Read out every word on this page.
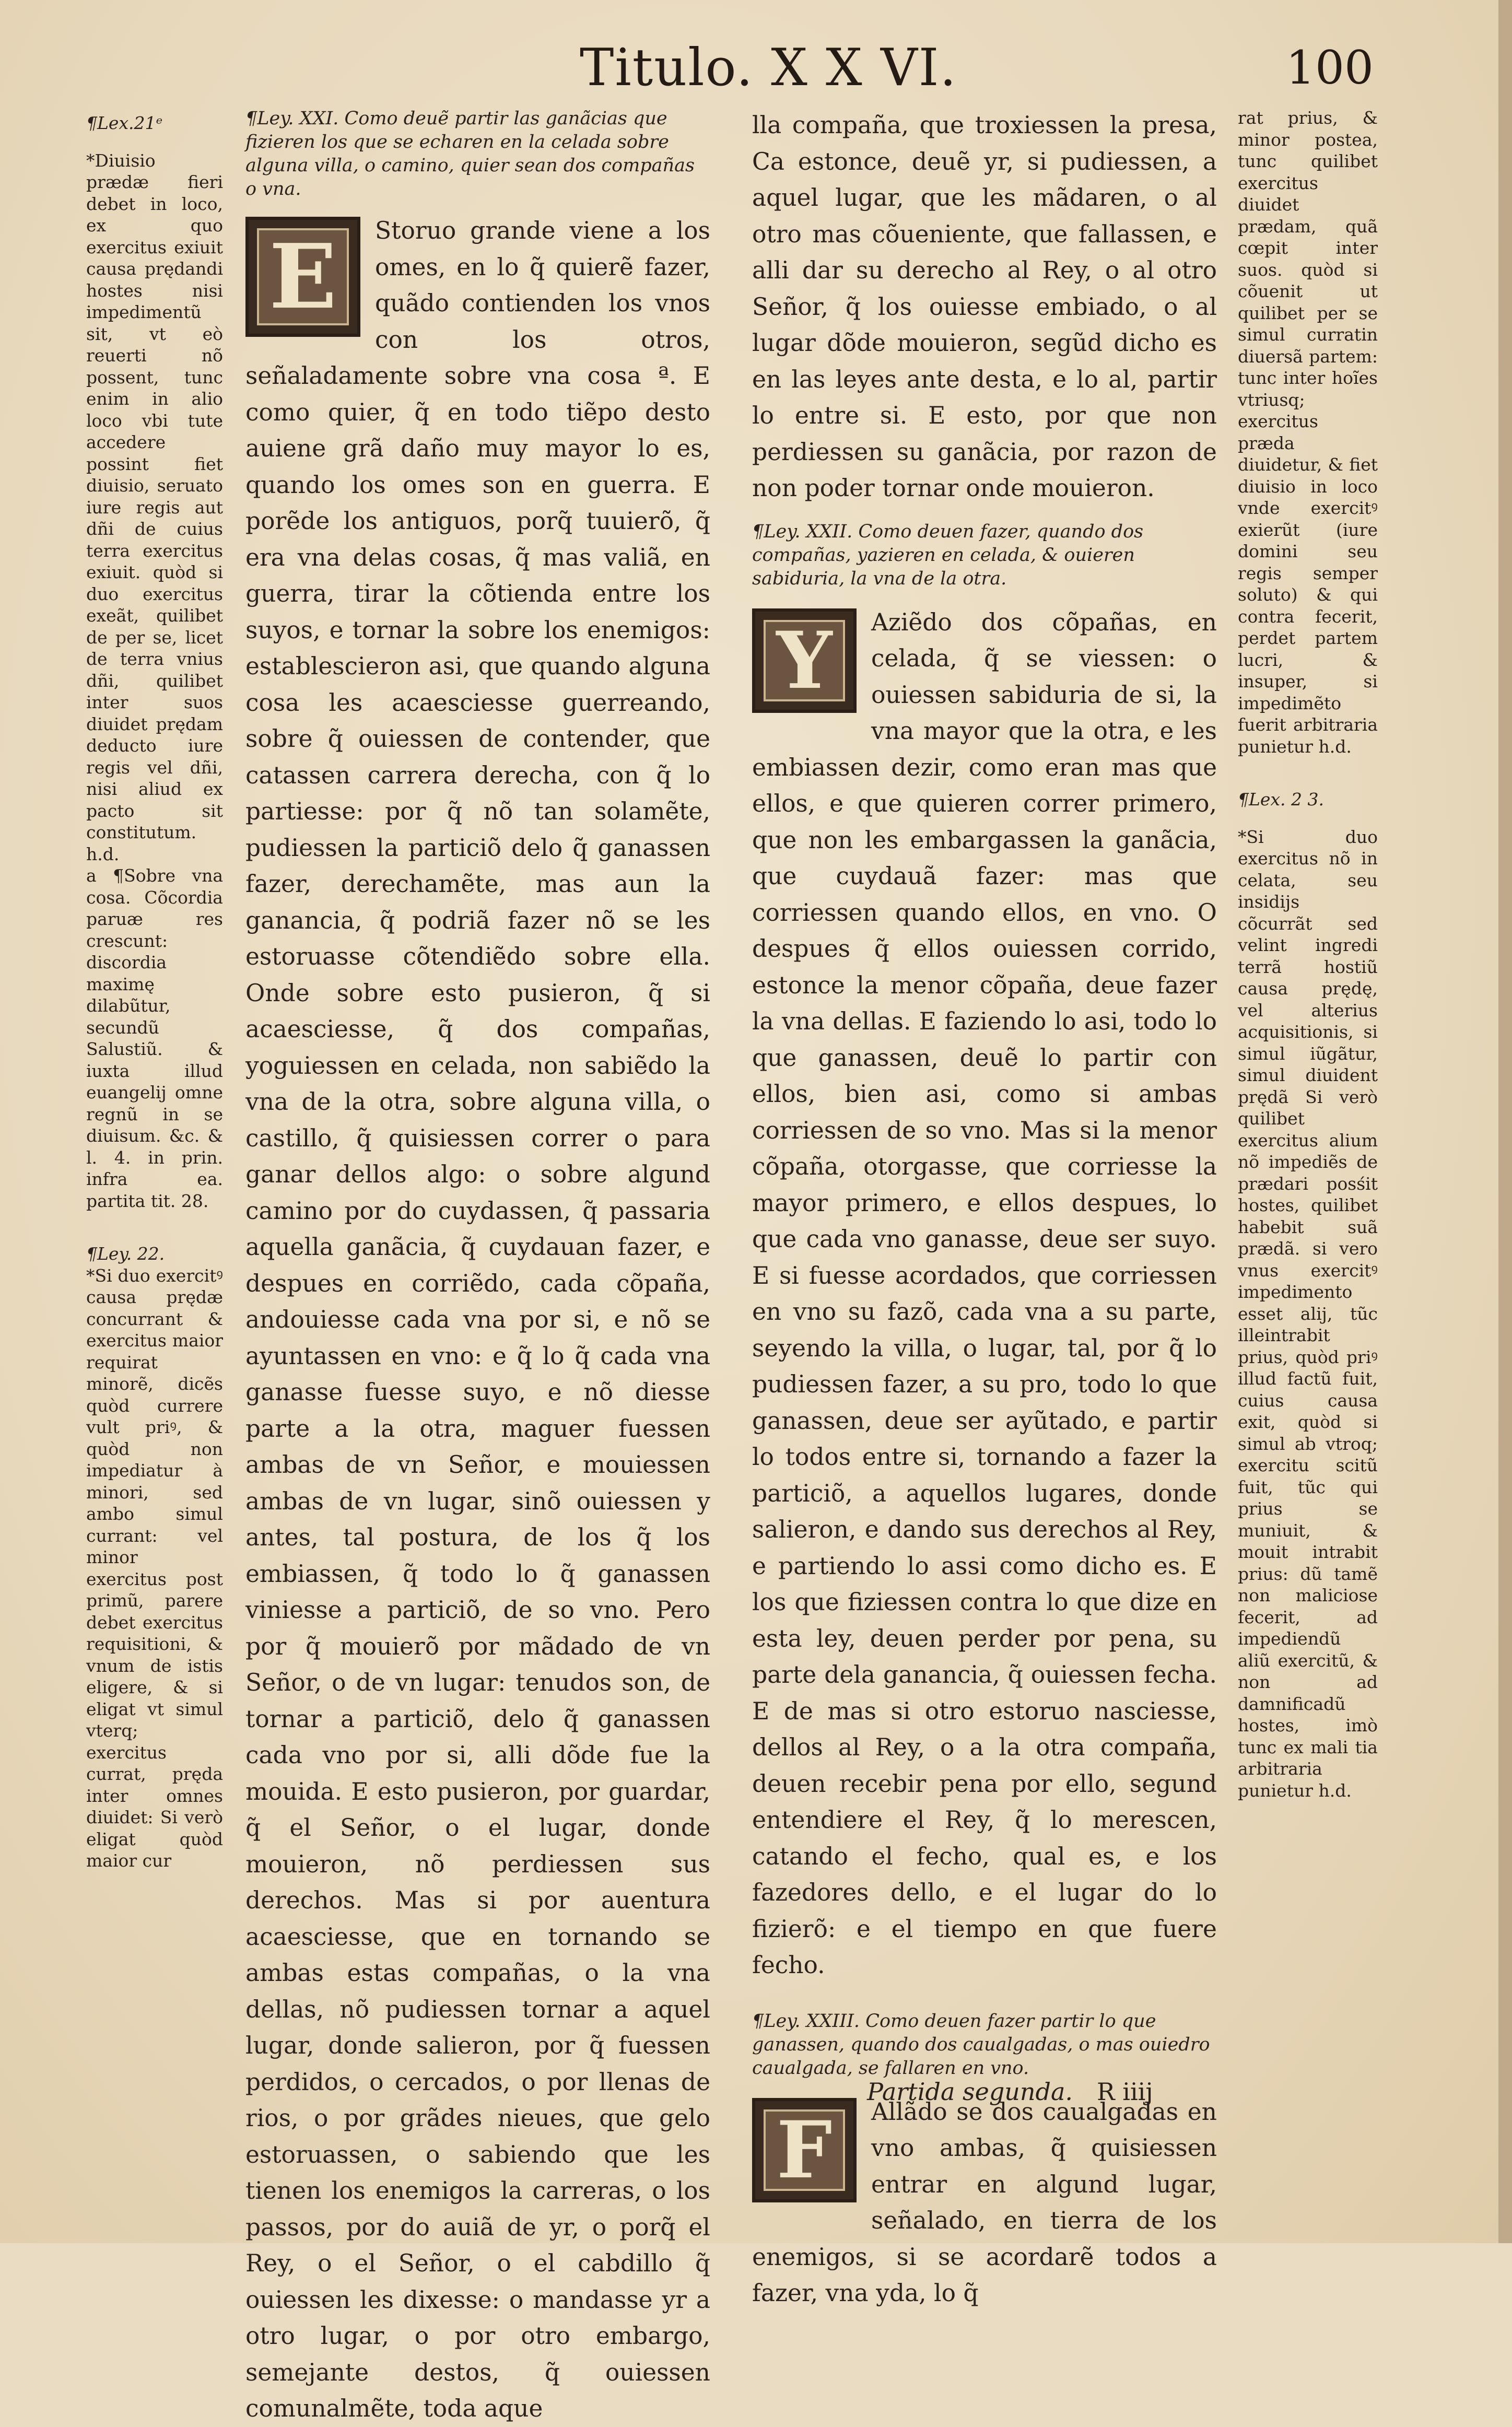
Titulo. X X VI.	100

¶Lex.21ᵉ

*Diuisio prædæ fieri debet in loco, ex quo exercitus exiuit causa prędandi hostes nisi impedimentũ sit, vt eò reuerti nõ possent, tunc enim in alio loco vbi tute accedere possint fiet diuisio, seruato iure regis aut dñi de cuius terra exercitus exiuit. quòd si duo exercitus exeãt, quilibet de per se, licet de terra vnius dñi, quilibet inter suos diuidet prędam deducto iure regis vel dñi, nisi aliud ex pacto sit constitutum. h.d.

a ¶Sobre vna cosa. Cõcordia paruæ res crescunt: discordia maximę dilabũtur, secundũ Salustiũ. & iuxta illud euangelij omne regnũ in se diuisum. &c. & l. 4. in prin. infra ea. partita tit. 28.

¶Ley. 22.

*Si duo exercitꝰ causa prędæ concurrant & exercitus maior requirat minorẽ, dicẽs quòd currere vult priꝰ, & quòd non impediatur à minori, sed ambo simul currant: vel minor exercitus post primũ, parere debet exercitus requisitioni, & vnum de istis eligere, & si eligat vt simul vterq; exercitus currat, pręda inter omnes diuidet: Si verò eligat quòd maior cur

¶Ley. XXI. Como deuẽ partir las ganãcias que fizieren los que se echaren en la celada sobre alguna villa, o camino, quier sean dos compañas o vna.

E Storuo grande viene a los omes, en lo q̃ quierẽ fazer, quãdo contienden los vnos con los otros, señaladamente sobre vna cosa ª. E como quier, q̃ en todo tiẽpo desto auiene grã daño muy mayor lo es, quando los omes son en guerra. E porẽde los antiguos, porq̃ tuuierõ, q̃ era vna delas cosas, q̃ mas valiã, en guerra, tirar la cõtienda entre los suyos, e tornar la sobre los enemigos: establescieron asi, que quando alguna cosa les acaesciesse guerreando, sobre q̃ ouiessen de contender, que catassen carrera derecha, con q̃ lo partiesse: por q̃ nõ tan solamẽte, pudiessen la particiõ delo q̃ ganassen fazer, derechamẽte, mas aun la ganancia, q̃ podriã fazer nõ se les estoruasse cõtendiẽdo sobre ella. Onde sobre esto pusieron, q̃ si acaesciesse, q̃ dos compañas, yoguiessen en celada, non sabiẽdo la vna de la otra, sobre alguna villa, o castillo, q̃ quisiessen correr o para ganar dellos algo: o sobre algund camino por do cuydassen, q̃ passaria aquella ganãcia, q̃ cuydauan fazer, e despues en corriẽdo, cada cõpaña, andouiesse cada vna por si, e nõ se ayuntassen en vno: e q̃ lo q̃ cada vna ganasse fuesse suyo, e nõ diesse parte a la otra, maguer fuessen ambas de vn Señor, e mouiessen ambas de vn lugar, sinõ ouiessen y antes, tal postura, de los q̃ los embiassen, q̃ todo lo q̃ ganassen viniesse a particiõ, de so vno. Pero por q̃ mouierõ por mãdado de vn Señor, o de vn lugar: tenudos son, de tornar a particiõ, delo q̃ ganassen cada vno por si, alli dõde fue la mouida. E esto pusieron, por guardar, q̃ el Señor, o el lugar, donde mouieron, nõ perdiessen sus derechos. Mas si por auentura acaesciesse, que en tornando se ambas estas compañas, o la vna dellas, nõ pudiessen tornar a aquel lugar, donde salieron, por q̃ fuessen perdidos, o cercados, o por llenas de rios, o por grãdes nieues, que gelo estoruassen, o sabiendo que les tienen los enemigos la carreras, o los passos, por do auiã de yr, o porq̃ el Rey, o el Señor, o el cabdillo q̃ ouiessen les dixesse: o mandasse yr a otro lugar, o por otro embargo, semejante destos, q̃ ouiessen comunalmẽte, toda aque

lla compaña, que troxiessen la presa, Ca estonce, deuẽ yr, si pudiessen, a aquel lugar, que les mãdaren, o al otro mas cõueniente, que fallassen, e alli dar su derecho al Rey, o al otro Señor, q̃ los ouiesse embiado, o al lugar dõde mouieron, segũd dicho es en las leyes ante desta, e lo al, partir lo entre si. E esto, por que non perdiessen su ganãcia, por razon de non poder tornar onde mouieron.

¶Ley. XXII. Como deuen fazer, quando dos compañas, yazieren en celada, & ouieren sabiduria, la vna de la otra.

Y Aziẽdo dos cõpañas, en celada, q̃ se viessen: o ouiessen sabiduria de si, la vna mayor que la otra, e les embiassen dezir, como eran mas que ellos, e que quieren correr primero, que non les embargassen la ganãcia, que cuydauã fazer: mas que corriessen quando ellos, en vno. O despues q̃ ellos ouiessen corrido, estonce la menor cõpaña, deue fazer la vna dellas. E faziendo lo asi, todo lo que ganassen, deuẽ lo partir con ellos, bien asi, como si ambas corriessen de so vno. Mas si la menor cõpaña, otorgasse, que corriesse la mayor primero, e ellos despues, lo que cada vno ganasse, deue ser suyo. E si fuesse acordados, que corriessen en vno su fazõ, cada vna a su parte, seyendo la villa, o lugar, tal, por q̃ lo pudiessen fazer, a su pro, todo lo que ganassen, deue ser ayũtado, e partir lo todos entre si, tornando a fazer la particiõ, a aquellos lugares, donde salieron, e dando sus derechos al Rey, e partiendo lo assi como dicho es. E los que fiziessen contra lo que dize en esta ley, deuen perder por pena, su parte dela ganancia, q̃ ouiessen fecha. E de mas si otro estoruo nasciesse, dellos al Rey, o a la otra compaña, deuen recebir pena por ello, segund entendiere el Rey, q̃ lo merescen, catando el fecho, qual es, e los fazedores dello, e el lugar do lo fizierõ: e el tiempo en que fuere fecho.

¶Ley. XXIII. Como deuen fazer partir lo que ganassen, quando dos caualgadas, o mas ouiedro caualgada, se fallaren en vno.

F Allãdo se dos caualgadas en vno ambas, q̃ quisiessen entrar en algund lugar, señalado, en tierra de los enemigos, si se acordarẽ todos a fazer, vna yda, lo q̃

rat prius, & minor postea, tunc quilibet exercitus diuidet prædam, quã cœpit inter suos. quòd si cõuenit ut quilibet per se simul curratin diuersã partem: tunc inter hoĩes vtriusq; exercitus præda diuidetur, & fiet diuisio in loco vnde exercitꝰ exierũt (iure domini seu regis semper soluto) & qui contra fecerit, perdet partem lucri, & insuper, si impedimẽto fuerit arbitraria punietur h.d.

¶Lex. 2 3.

*Si duo exercitus nõ in celata, seu insidijs cõcurrãt sed velint ingredi terrã hostiũ causa prędę, vel alterius acquisitionis, si simul iũgãtur, simul diuident prędã Si verò quilibet exercitus alium nõ impediẽs de prædari posśit hostes, quilibet habebit suã prædã. si vero vnus exercitꝰ impedimento esset alij, tũc illeintrabit prius, quòd priꝰ illud factũ fuit, cuius causa exit, quòd si simul ab vtroq; exercitu scitũ fuit, tũc qui prius se muniuit, & mouit intrabit prius: dũ tamẽ non maliciose fecerit, ad impediendũ aliũ exercitũ, & non ad damnificadũ hostes, imò tunc ex mali tia arbitraria punietur h.d.

Partida segunda. R iiij
